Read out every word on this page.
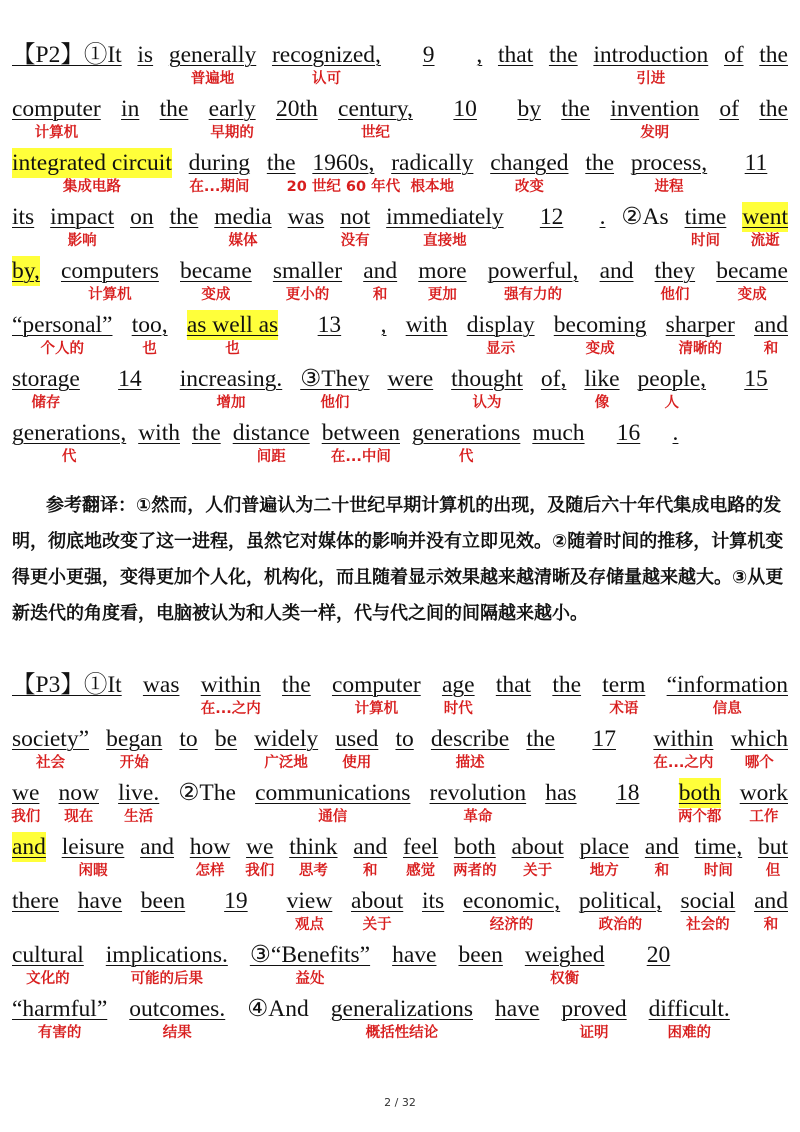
【P2】①It is generally
普遍地
recognized,
认可
9	, that the introduction
引进
of the
computer
计算机
in the early
早期的
20th century,
世纪
10	by the invention
发明
of the
integrated circuit
集成电路
during
在...期间
the 1960s,
20 世纪 60 年代
radically
根本地
changed
改变
the process,
进程
11
its impact
影响
on the media
媒体
was not
没有
immediately
直接地
12	. ②As time
时间
went
流逝
by, computers
计算机
became
变成
smaller
更小的
and
和
more
更加
powerful,
强有力的
and they
他们
became
变成
“personal”
个人的
too,
也
as well as
也
13	, with display
显示
becoming
变成
sharper
清晰的
and
和
storage
储存
14	increasing.
增加
③They
他们
were thought
认为
of, like
像
people,
人
15
generations,
代
with the distance
间距
between
在...中间
generations
代
much	16	.
参考翻译：①然而，人们普遍认为二十世纪早期计算机的出现，及随后六十年代集成电路的发明，彻底地改变了这一进程，虽然它对媒体的影响并没有立即见效。②随着时间的推移，计算机变得更小更强，变得更加个人化，机构化，而且随着显示效果越来越清晰及存储量越来越大。③从更新迭代的角度看，电脑被认为和人类一样，代与代之间的间隔越来越小。
【P3】①It was within
在...之内
the computer
计算机
age
时代
that the term
术语
“information
信息
society”
社会
began
开始
to be widely
广泛地
used
使用
to describe
描述
the	17	within
在...之内
which
哪个
we
我们
now
现在
live.
生活
②The communications
通信
revolution
革命
has	18	both
两个都
work
工作
and leisure
闲暇
and how
怎样
we
我们
think
思考
and
和
feel
感觉
both
两者的
about
关于
place
地方
and
和
time,
时间
but
但
there have been	19	view
观点
about
关于
its economic,
经济的
political,
政治的
social
社会的
and
和
cultural
文化的
implications.
可能的后果
③“Benefits”
益处
have been weighed
权衡
20
“harmful”
有害的
outcomes.
结果
④And generalizations
概括性结论
have proved
证明
difficult.
困难的
2 / 32
